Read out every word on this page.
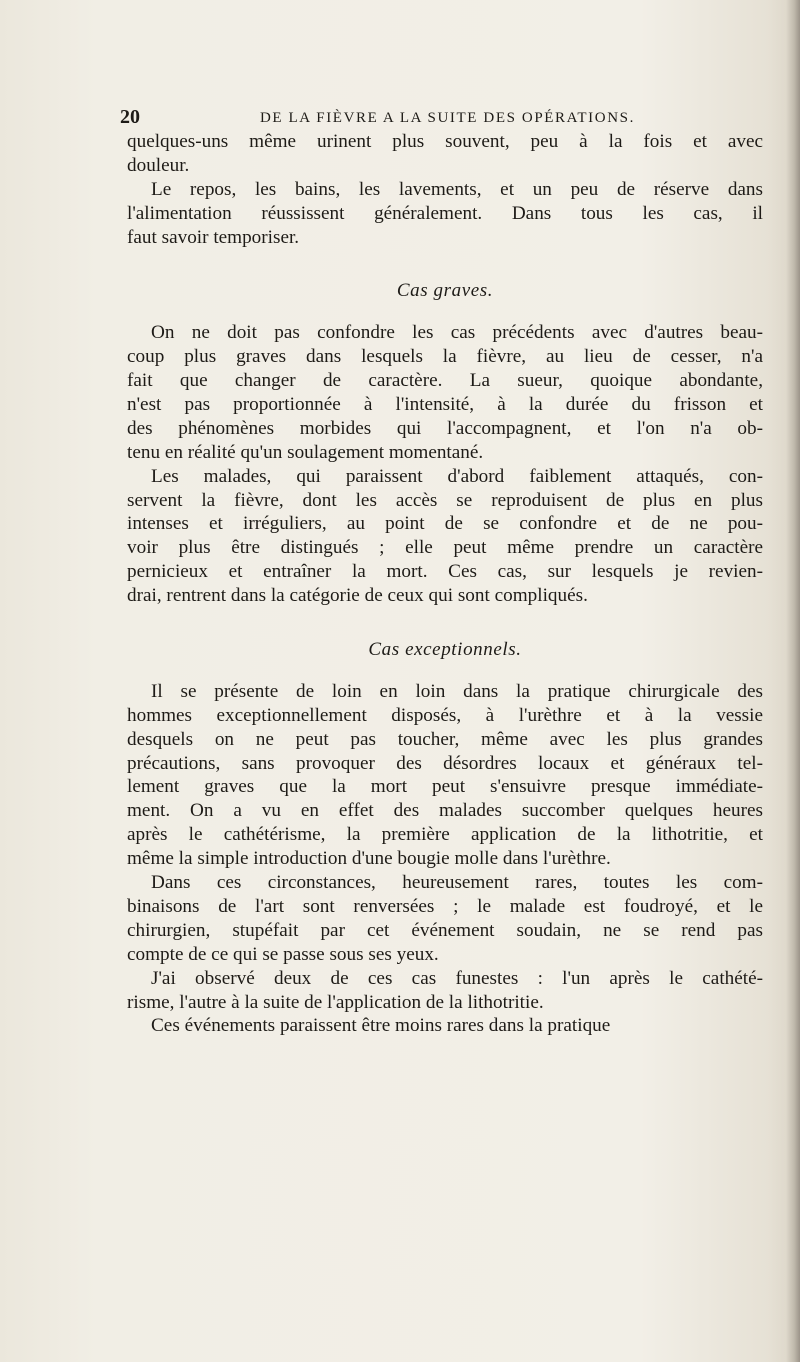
20	DE LA FIÈVRE A LA SUITE DES OPÉRATIONS.
quelques-uns même urinent plus souvent, peu à la fois et avec
douleur.
Le repos, les bains, les lavements, et un peu de réserve dans
l'alimentation réussissent généralement. Dans tous les cas, il
faut savoir temporiser.
Cas graves.
On ne doit pas confondre les cas précédents avec d'autres beau-
coup plus graves dans lesquels la fièvre, au lieu de cesser, n'a
fait que changer de caractère. La sueur, quoique abondante,
n'est pas proportionnée à l'intensité, à la durée du frisson et
des phénomènes morbides qui l'accompagnent, et l'on n'a ob-
tenu en réalité qu'un soulagement momentané.
Les malades, qui paraissent d'abord faiblement attaqués, con-
servent la fièvre, dont les accès se reproduisent de plus en plus
intenses et irréguliers, au point de se confondre et de ne pou-
voir plus être distingués ; elle peut même prendre un caractère
pernicieux et entraîner la mort. Ces cas, sur lesquels je revien-
drai, rentrent dans la catégorie de ceux qui sont compliqués.
Cas exceptionnels.
Il se présente de loin en loin dans la pratique chirurgicale des
hommes exceptionnellement disposés, à l'urèthre et à la vessie
desquels on ne peut pas toucher, même avec les plus grandes
précautions, sans provoquer des désordres locaux et généraux tel-
lement graves que la mort peut s'ensuivre presque immédiate-
ment. On a vu en effet des malades succomber quelques heures
après le cathétérisme, la première application de la lithotritie, et
même la simple introduction d'une bougie molle dans l'urèthre.
Dans ces circonstances, heureusement rares, toutes les com-
binaisons de l'art sont renversées ; le malade est foudroyé, et le
chirurgien, stupéfait par cet événement soudain, ne se rend pas
compte de ce qui se passe sous ses yeux.
J'ai observé deux de ces cas funestes : l'un après le cathété-
risme, l'autre à la suite de l'application de la lithotritie.
Ces événements paraissent être moins rares dans la pratique
